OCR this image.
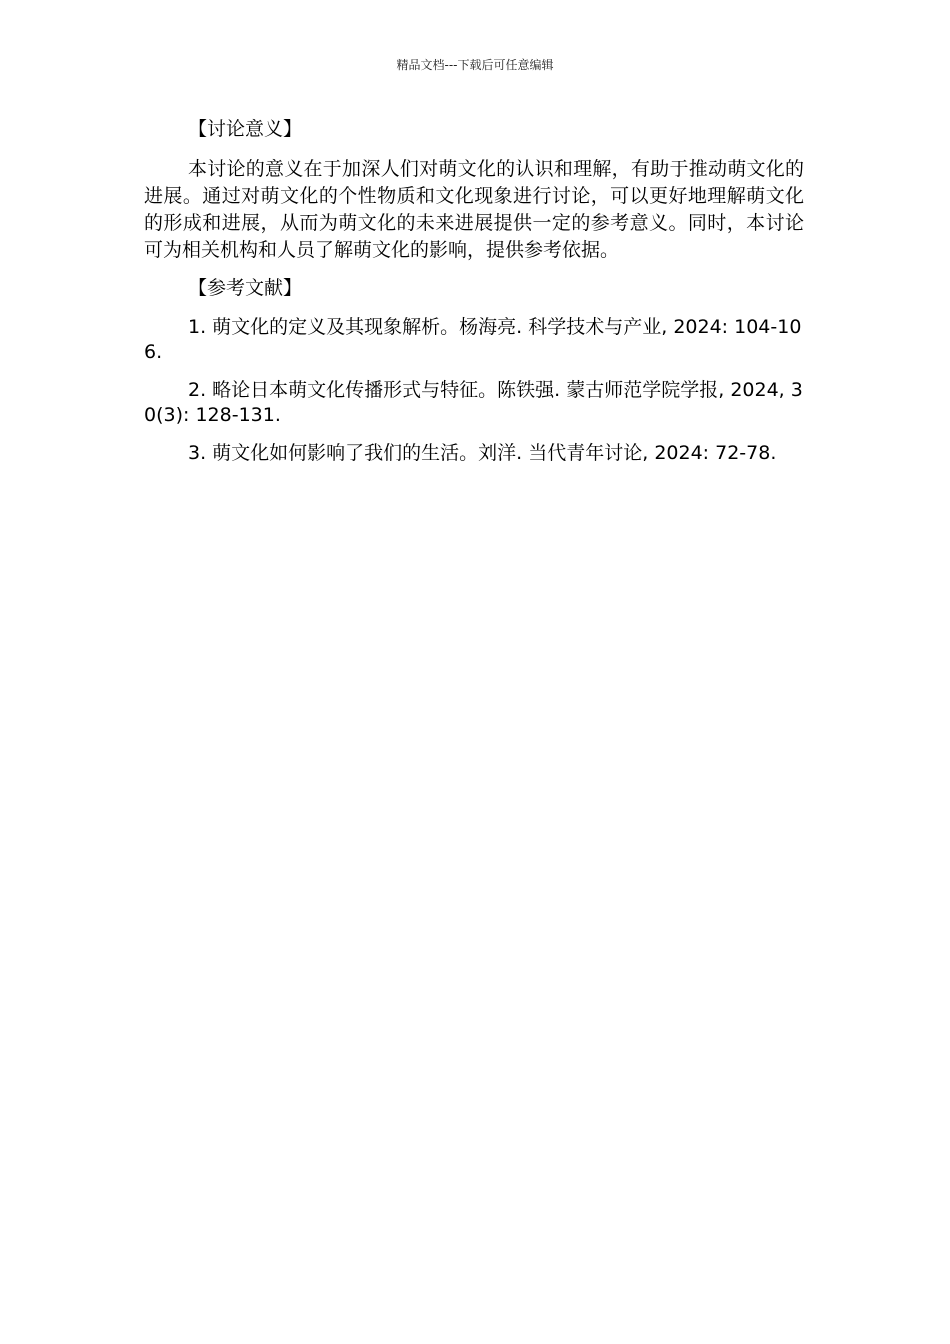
精品文档---下载后可任意编辑
【讨论意义】

本讨论的意义在于加深人们对萌文化的认识和理解，有助于推动萌文化的进展。通过对萌文化的个性物质和文化现象进行讨论，可以更好地理解萌文化的形成和进展，从而为萌文化的未来进展提供一定的参考意义。同时，本讨论可为相关机构和人员了解萌文化的影响，提供参考依据。

【参考文献】
1. 萌文化的定义及其现象解析。杨海亮. 科学技术与产业, 2024: 104-106.
2. 略论日本萌文化传播形式与特征。陈铁强. 蒙古师范学院学报, 2024, 30(3): 128-131.
3. 萌文化如何影响了我们的生活。刘洋. 当代青年讨论, 2024: 72-78.
